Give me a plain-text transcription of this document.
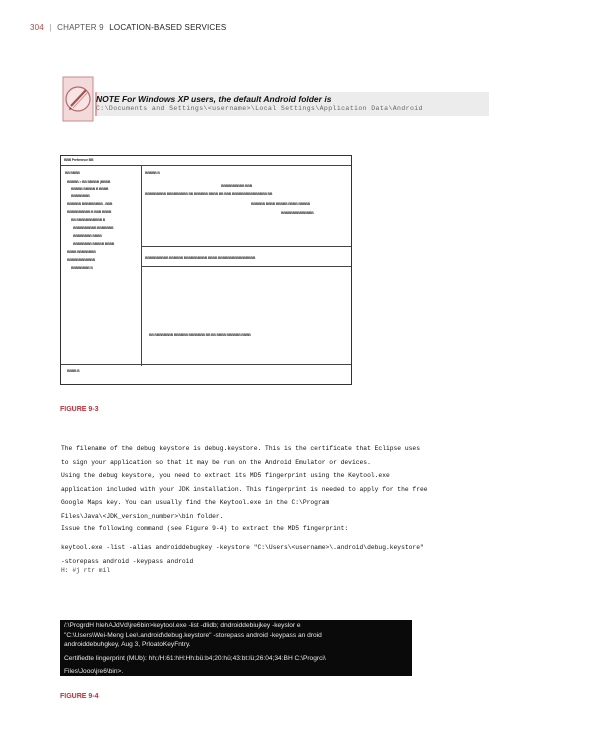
304 | CHAPTER 9 LOCATION-BASED SERVICES
NOTE For Windows XP users, the default Android folder is
C:\Documents and Settings\<username>\Local Settings\Application Data\Android
BBB Preference BB
BB BBBB
BBBBB > BB BBBBB (BBBB
BBBBB BBBBB B BBBB
BBBBBBBB
BBBBBB BBBBBBBBB - BBB
BBBBBBBBBB B BBB BBBB
BB BBBBBBBBBBB B
BBBBBBBBBB BBBBBBB
BBBBBBBB BBBB
BBBBBBBB BBBBB BBBB
BBBB BBBBBBBB
BBBBBBBBBBBB
BBBBBBBB B
BBBBB B
BBBBBBBBBB BBB
BBBBBBBBB BBBBBBBBB BB BBBBBB BBBB BB BBB BBBBBBBBBBBBBBB BB
BBBBBB BBBB BBBBB BBBB BBBBB
BBBBBBBBBBBBBB
BBBBBBBBBB BBBBBB BBBBBBBBBB BBBB BBBBBBBBBBBBBBBB
BB BBBBBBBB BBBBBB BBBBBBB BB BB BBBB BBBBBB BBBB
BBBB B
FIGURE 9-3
The filename of the debug keystore is debug.keystore. This is the certificate that Eclipse uses
to sign your application so that it may be run on the Android Emulator or devices.
Using the debug keystore, you need to extract its MD5 fingerprint using the Keytool.exe
application included with your JDK installation. This fingerprint is needed to apply for the free
Google Maps key. You can usually find the Keytool.exe in the C:\Program
Files\Java\<JDK_version_number>\bin folder.
Issue the following command (see Figure 9-4) to extract the MD5 fingerprint:
keytool.exe -list -alias androiddebugkey -keystore "C:\Users\<username>\.android\debug.keystore"
-storepass android -keypass android
H: #j rtr mil
/:\ProgrdH hlehAJdVd\jre6bin>keytool.exe -list -dlidb; dndroiddebiujkey -keyslor e
"C:\Users\Wei-Meng Lee\.android\debug.keystore" -storepass android -keypass an droid
androiddebuhgkey, Aug 3, PrloatoKeyFntry.
Certifiedte lingerprint (MUb): hh;/H:61:hH:Hh:bü:b4;20:hü;43:bt:lü;26:04;34:BH C:\Progrci\
Files\Jooo\jre6\bin>.
FIGURE 9-4
